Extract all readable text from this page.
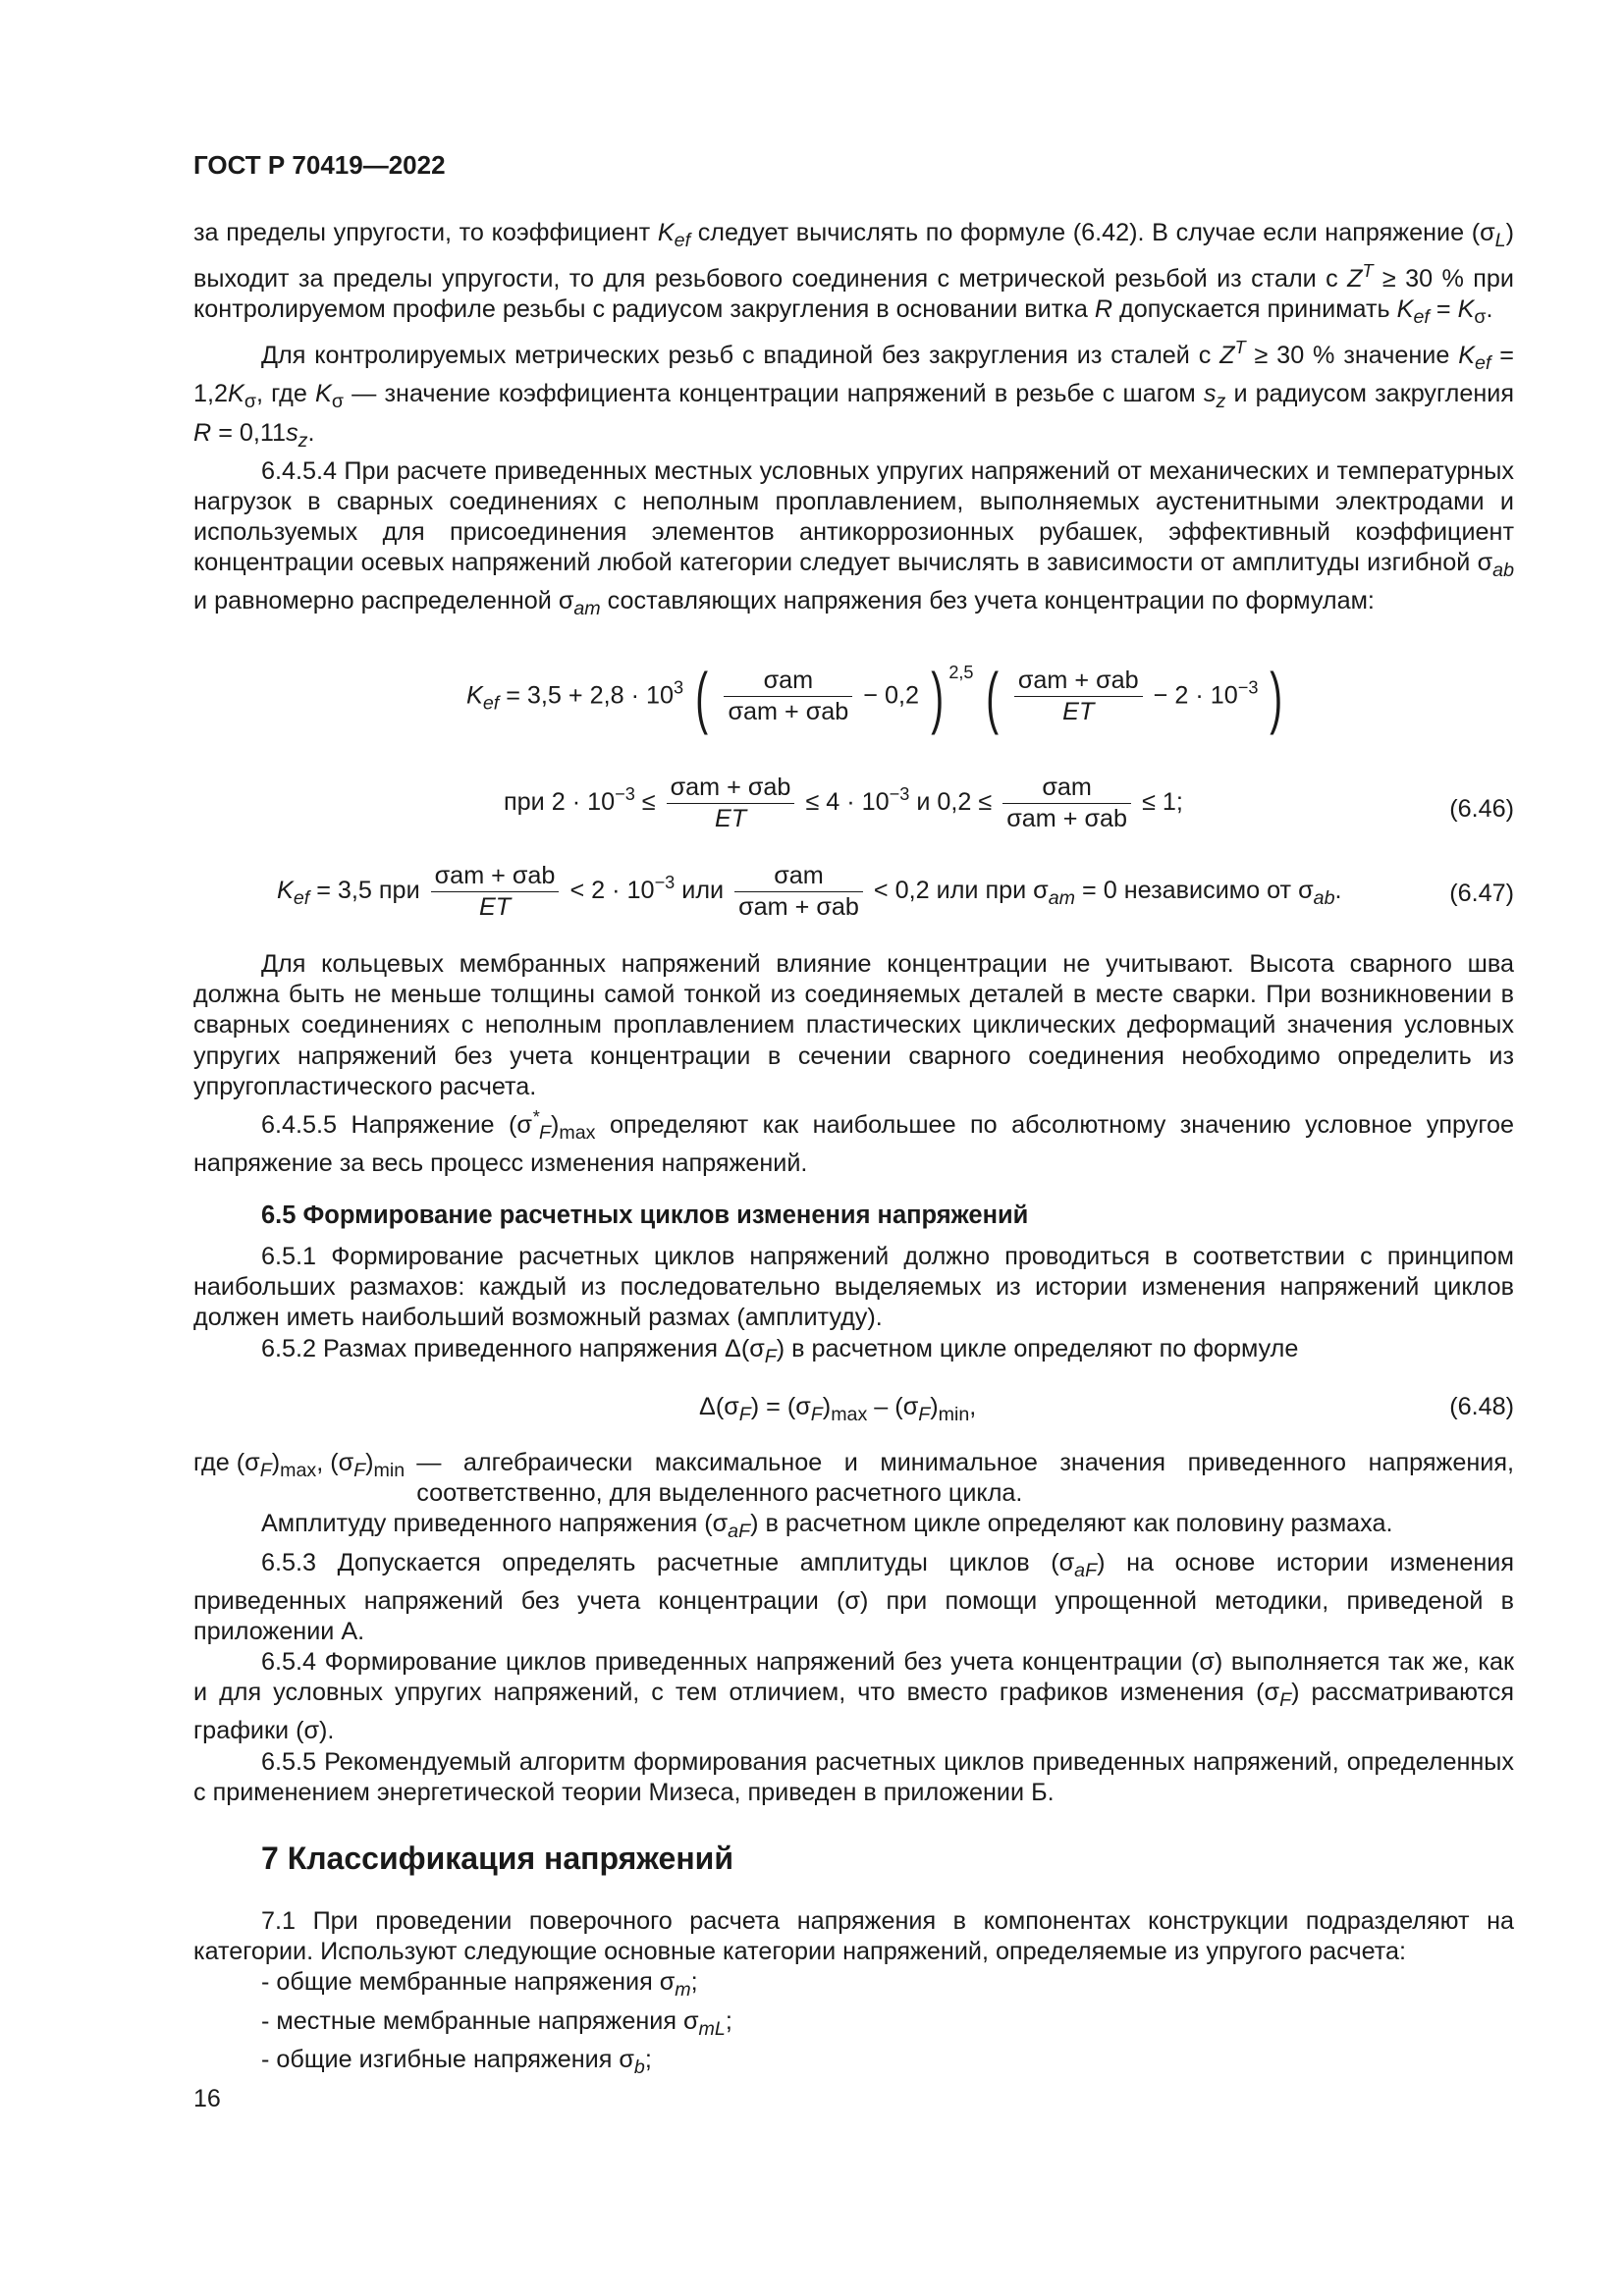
ГОСТ Р 70419—2022

за пределы упругости, то коэффициент $K_{ef}$ следует вычислять по формуле (6.42). В случае если напряжение $(\sigma_L)$ выходит за пределы упругости, то для резьбового соединения с метрической резьбой из стали с $Z^T \ge 30$ % при контролируемом профиле резьбы с радиусом закругления в основании витка R допускается принимать $K_{ef} = K_\sigma$.

Для контролируемых метрических резьб с впадиной без закругления из сталей с $Z^T \ge 30$ % значение $K_{ef} = 1,2K_\sigma$, где $K_\sigma$ — значение коэффициента концентрации напряжений в резьбе с шагом $s_z$ и радиусом закругления $R = 0,11s_z$.

6.4.5.4 При расчете приведенных местных условных упругих напряжений от механических и температурных нагрузок в сварных соединениях с неполным проплавлением, выполняемых аустенитными электродами и используемых для присоединения элементов антикоррозионных рубашек, эффективный коэффициент концентрации осевых напряжений любой категории следует вычислять в зависимости от амплитуды изгибной $\sigma_{ab}$ и равномерно распределенной $\sigma_{am}$ составляющих напряжения без учета концентрации по формулам:

$K_{ef} = 3,5 + 2,8 \cdot 10^3$ ( $\frac{\text{σam}}{\text{σam + σab}} - 0,2$ ) $^{2,5}$ ( $\frac{\text{σam + σab}}{ET} - 2 \cdot 10^{-3}$ )
при $2 \cdot 10^{-3} \le \frac{\text{σam + σab}}{ET} \le 4 \cdot 10^{-3}$ и $0,2 \le \frac{\text{σam}}{\text{σam + σab}} \le 1$;	(6.46)
$K_{ef} = 3,5$ при $\frac{\text{σam + σab}}{ET} < 2 \cdot 10^{-3}$ или $\frac{\text{σam}}{\text{σam + σab}} < 0,2$ или при $\sigma_{am} = 0$ независимо от $\sigma_{ab}$.	(6.47)

Для кольцевых мембранных напряжений влияние концентрации не учитывают. Высота сварного шва должна быть не меньше толщины самой тонкой из соединяемых деталей в месте сварки. При возникновении в сварных соединениях с неполным проплавлением пластических циклических деформаций значения условных упругих напряжений без учета концентрации в сечении сварного соединения необходимо определить из упругопластического расчета.

6.4.5.5 Напряжение $(\sigma^*_F)_{max}$ определяют как наибольшее по абсолютному значению условное упругое напряжение за весь процесс изменения напряжений.

6.5 Формирование расчетных циклов изменения напряжений

6.5.1 Формирование расчетных циклов напряжений должно проводиться в соответствии с принципом наибольших размахов: каждый из последовательно выделяемых из истории изменения напряжений циклов должен иметь наибольший возможный размах (амплитуду).

6.5.2 Размах приведенного напряжения $\Delta(\sigma_F)$ в расчетном цикле определяют по формуле

$\Delta(\sigma_F) = (\sigma_F)_{max} - (\sigma_F)_{min}$,	(6.48)
где $(\sigma_F)_{max}$, $(\sigma_F)_{min}$ — алгебраически максимальное и минимальное значения приведенного напряжения, соответственно, для выделенного расчетного цикла.

Амплитуду приведенного напряжения $(\sigma_{aF})$ в расчетном цикле определяют как половину размаха.

6.5.3 Допускается определять расчетные амплитуды циклов $(\sigma_{aF})$ на основе истории изменения приведенных напряжений без учета концентрации (σ) при помощи упрощенной методики, приведеной в приложении А.

6.5.4 Формирование циклов приведенных напряжений без учета концентрации (σ) выполняется так же, как и для условных упругих напряжений, с тем отличием, что вместо графиков изменения $(\sigma_F)$ рассматриваются графики (σ).

6.5.5 Рекомендуемый алгоритм формирования расчетных циклов приведенных напряжений, определенных с применением энергетической теории Мизеса, приведен в приложении Б.

7 Классификация напряжений

7.1 При проведении поверочного расчета напряжения в компонентах конструкции подразделяют на категории. Используют следующие основные категории напряжений, определяемые из упругого расчета:

- общие мембранные напряжения $\sigma_m$;
- местные мембранные напряжения $\sigma_{mL}$;
- общие изгибные напряжения $\sigma_b$;
16
